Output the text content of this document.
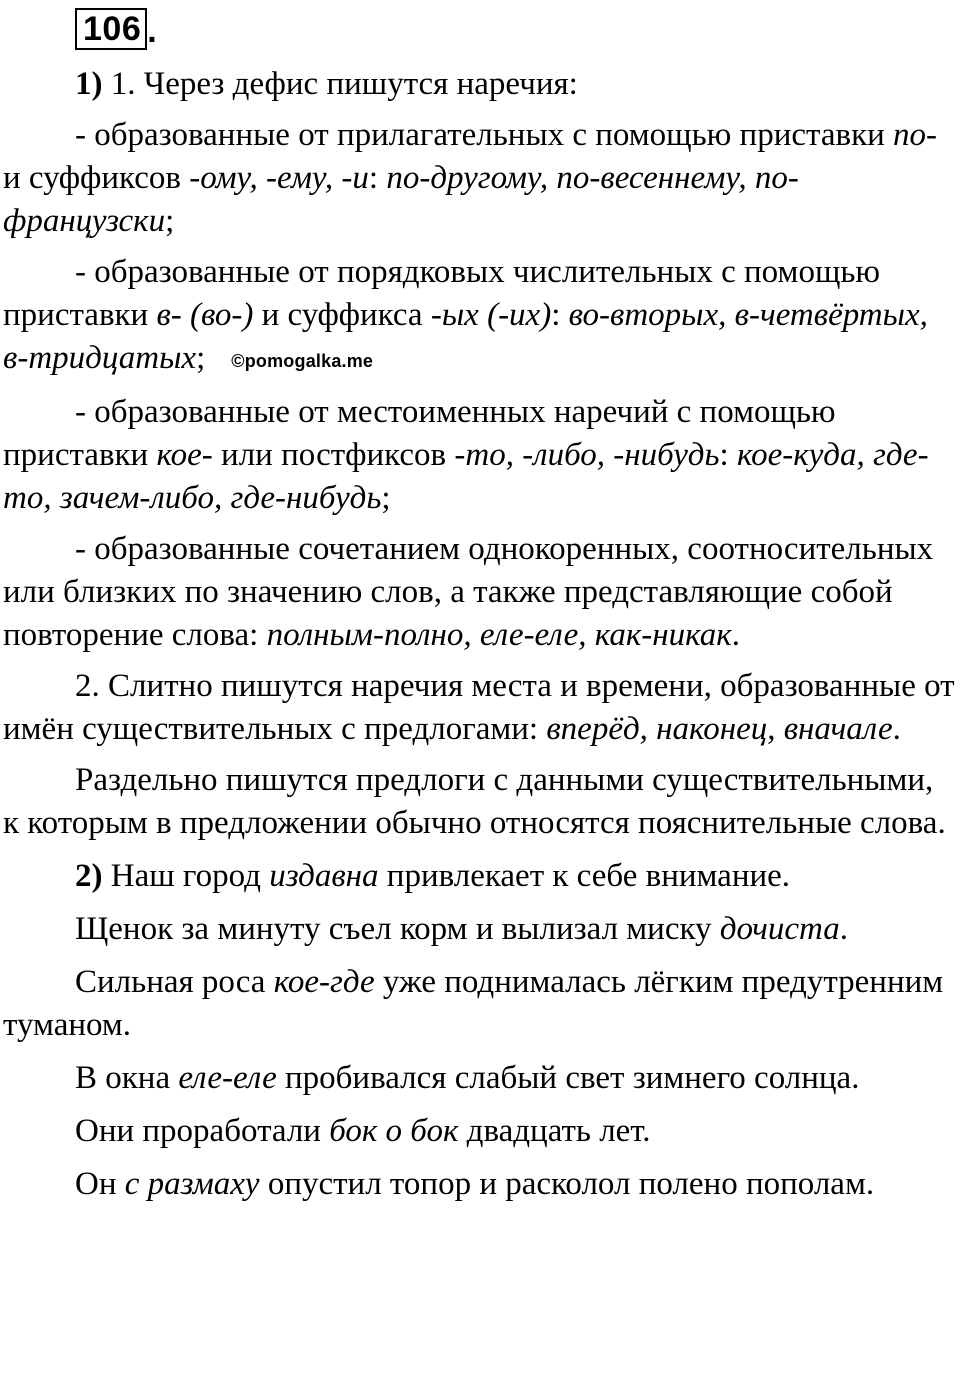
106 .

1) 1. Через дефис пишутся наречия:

- образованные от прилагательных с помощью приставки по- и суффиксов -ому, -ему, -и: по-другому, по-весеннему, по-французски;

- образованные от порядковых числительных с помощью приставки в- (во-) и суффикса -ых (-их): во-вторых, в-четвёртых, в-тридцатых; ©pomogalka.me

- образованные от местоименных наречий с помощью приставки кое- или постфиксов -то, -либо, -нибудь: кое-куда, где-то, зачем-либо, где-нибудь;

- образованные сочетанием однокоренных, соотносительных или близких по значению слов, а также представляющие собой повторение слова: полным-полно, еле-еле, как-никак.

2. Слитно пишутся наречия места и времени, образованные от имён существительных с предлогами: вперёд, наконец, вначале.

Раздельно пишутся предлоги с данными существительными, к которым в предложении обычно относятся пояснительные слова.

2) Наш город издавна привлекает к себе внимание.

Щенок за минуту съел корм и вылизал миску дочиста.

Сильная роса кое-где уже поднималась лёгким предутренним туманом.

В окна еле-еле пробивался слабый свет зимнего солнца.

Они проработали бок о бок двадцать лет.

Он с размаху опустил топор и расколол полено пополам.
